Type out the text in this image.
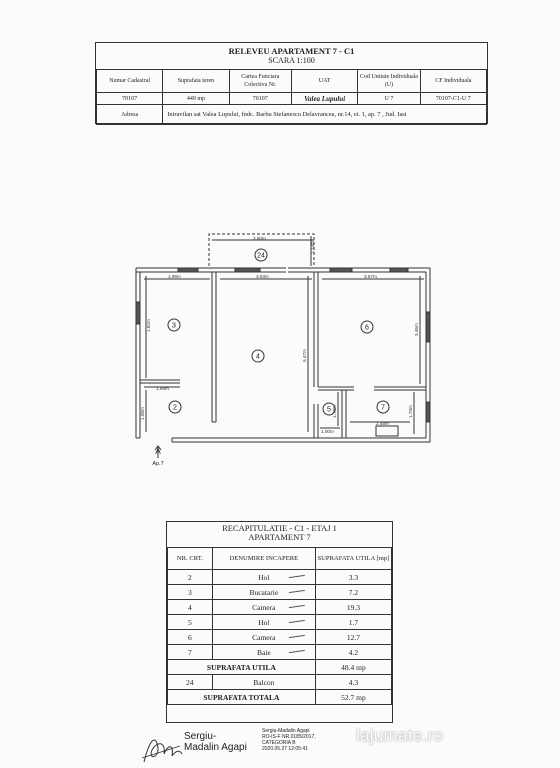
RELEVEU APARTAMENT 7 - C1
SCARA 1:100
Numar Cadastral	Suprafata teren	Cartea Funciara Colectiva Nr.	UAT	Cod Unitate Individuala (U)	CF Individuala
70107	449 mp	70107	Valea Lupului	U 7	70107-C1-U 7
Adresa	Intravilan sat Valea Lupului, fndc. Barbu Stefanescu Delavrancea, nr.14, et. 1, ap. 7 , Jud. Iasi				
3.80m
1.13m
1.99m	3.53m	3.57m
1.62m
5.47m
3.46m
1.99m
1.08m
1.00m
1.70m
2.48m
1.73m
24
3
4
6
2	5	7
A
Ap.7
RECAPITULATIE - C1 - ETAJ 1
APARTAMENT 7
NR. CRT.	DENUMIRE INCAPERE	SUPRAFATA UTILA [mp]
2	Hol	3.3
3	Bucatarie	7.2
4	Camera	19.3
5	Hol	1.7
6	Camera	12.7
7	Baie	4.2
SUPRAFATA UTILA		48.4 mp
24	Balcon	4.3
SUPRAFATA TOTALA		52.7 mp
Sergiu-
Madalin Agapi
Sergiu-Madalin Agapi
RO-IS-F NR.0185/2017,
CATEGORIA B
2020.05.27 12:05:41
lajumate.ro
